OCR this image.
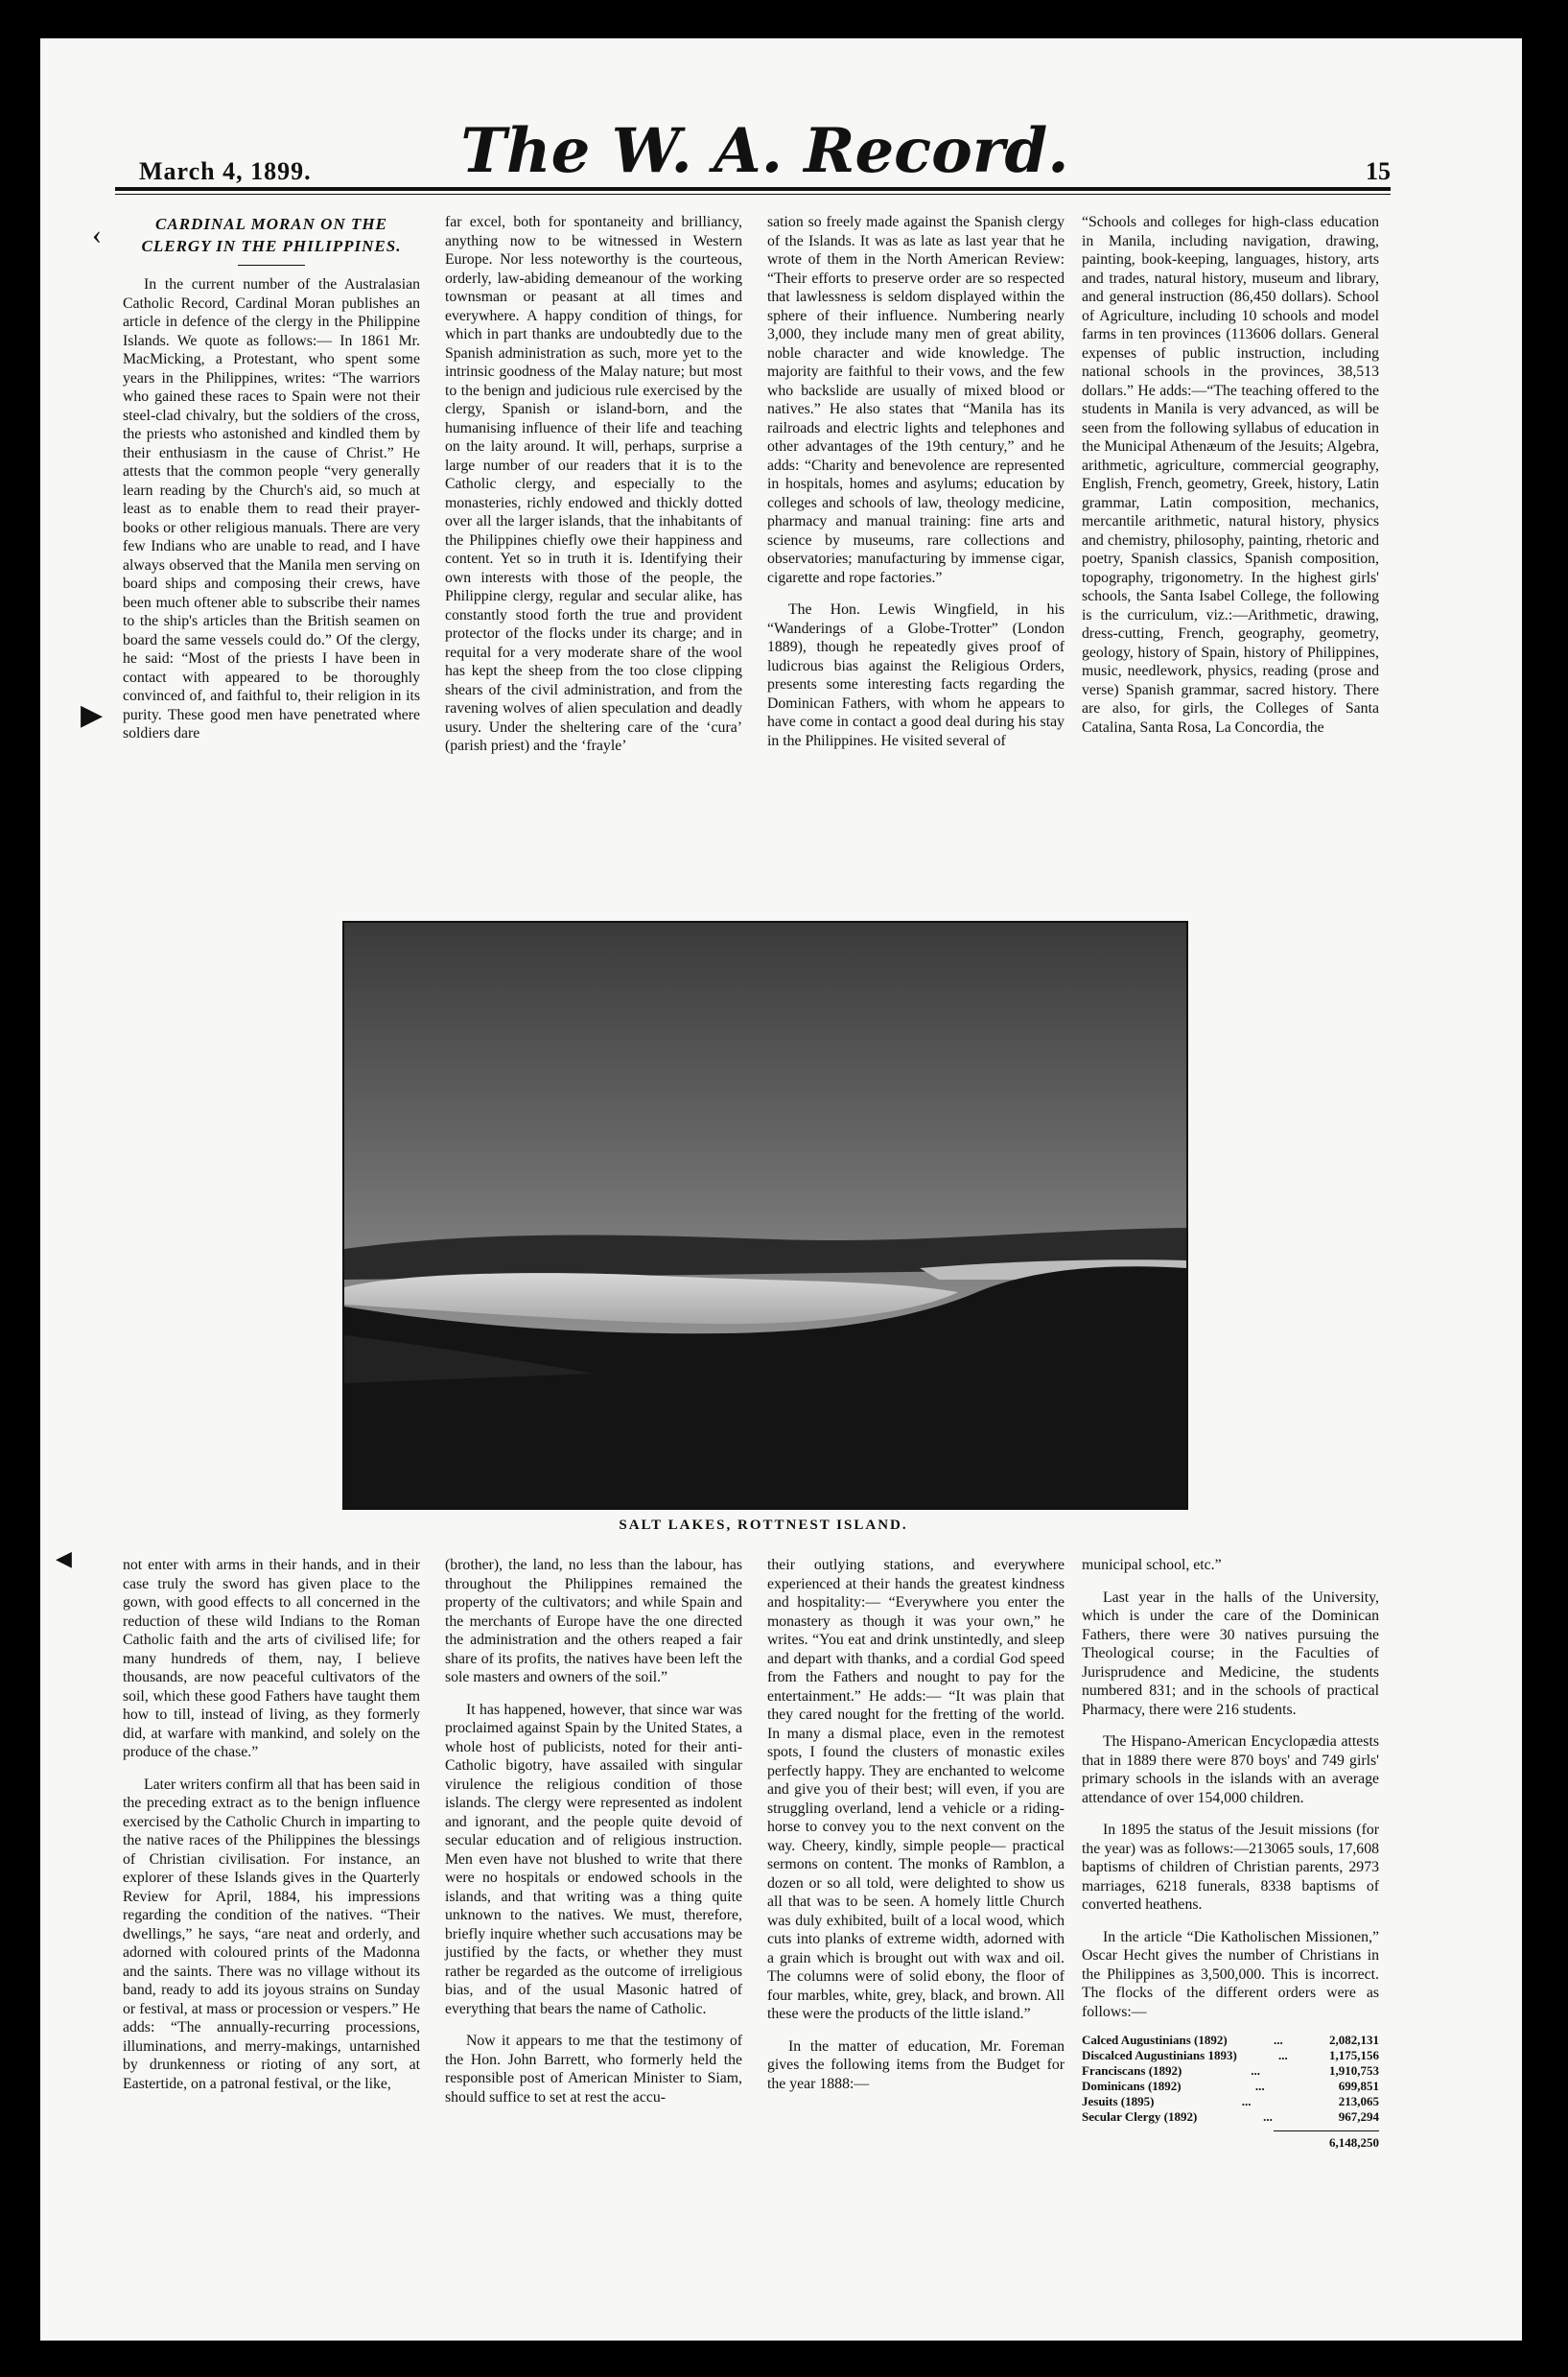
March 4, 1899.	The W. A. Record.	15
CARDINAL MORAN ON THE CLERGY IN THE PHILIPPINES.

In the current number of the Australasian Catholic Record, Cardinal Moran publishes an article in defence of the clergy in the Philippine Islands. We quote as follows:— In 1861 Mr. MacMicking, a Protestant, who spent some years in the Philippines, writes: “The warriors who gained these races to Spain were not their steel-clad chivalry, but the soldiers of the cross, the priests who astonished and kindled them by their enthusiasm in the cause of Christ.” He attests that the common people “very generally learn reading by the Church's aid, so much at least as to enable them to read their prayer-books or other religious manuals. There are very few Indians who are unable to read, and I have always observed that the Manila men serving on board ships and composing their crews, have been much oftener able to subscribe their names to the ship's articles than the British seamen on board the same vessels could do.” Of the clergy, he said: “Most of the priests I have been in contact with appeared to be thoroughly convinced of, and faithful to, their religion in its purity. These good men have penetrated where soldiers dare

far excel, both for spontaneity and brilliancy, anything now to be witnessed in Western Europe. Nor less noteworthy is the courteous, orderly, law-abiding demeanour of the working townsman or peasant at all times and everywhere. A happy condition of things, for which in part thanks are undoubtedly due to the Spanish administration as such, more yet to the intrinsic goodness of the Malay nature; but most to the benign and judicious rule exercised by the clergy, Spanish or island-born, and the humanising influence of their life and teaching on the laity around. It will, perhaps, surprise a large number of our readers that it is to the Catholic clergy, and especially to the monasteries, richly endowed and thickly dotted over all the larger islands, that the inhabitants of the Philippines chiefly owe their happiness and content. Yet so in truth it is. Identifying their own interests with those of the people, the Philippine clergy, regular and secular alike, has constantly stood forth the true and provident protector of the flocks under its charge; and in requital for a very moderate share of the wool has kept the sheep from the too close clipping shears of the civil administration, and from the ravening wolves of alien speculation and deadly usury. Under the sheltering care of the ‘cura’ (parish priest) and the ‘frayle’

sation so freely made against the Spanish clergy of the Islands. It was as late as last year that he wrote of them in the North American Review: “Their efforts to preserve order are so respected that lawlessness is seldom displayed within the sphere of their influence. Numbering nearly 3,000, they include many men of great ability, noble character and wide knowledge. The majority are faithful to their vows, and the few who backslide are usually of mixed blood or natives.” He also states that “Manila has its railroads and electric lights and telephones and other advantages of the 19th century,” and he adds: “Charity and benevolence are represented in hospitals, homes and asylums; education by colleges and schools of law, theology medicine, pharmacy and manual training: fine arts and science by museums, rare collections and observatories; manufacturing by immense cigar, cigarette and rope factories.”

The Hon. Lewis Wingfield, in his “Wanderings of a Globe-Trotter” (London 1889), though he repeatedly gives proof of ludicrous bias against the Religious Orders, presents some interesting facts regarding the Dominican Fathers, with whom he appears to have come in contact a good deal during his stay in the Philippines. He visited several of

“Schools and colleges for high-class education in Manila, including navigation, drawing, painting, book-keeping, languages, history, arts and trades, natural history, museum and library, and general instruction (86,450 dollars). School of Agriculture, including 10 schools and model farms in ten provinces (113606 dollars. General expenses of public instruction, including national schools in the provinces, 38,513 dollars.” He adds:—“The teaching offered to the students in Manila is very advanced, as will be seen from the following syllabus of education in the Municipal Athenæum of the Jesuits; Algebra, arithmetic, agriculture, commercial geography, English, French, geometry, Greek, history, Latin grammar, Latin composition, mechanics, mercantile arithmetic, natural history, physics and chemistry, philosophy, painting, rhetoric and poetry, Spanish classics, Spanish composition, topography, trigonometry. In the highest girls' schools, the Santa Isabel College, the following is the curriculum, viz.:—Arithmetic, drawing, dress-cutting, French, geography, geometry, geology, history of Spain, history of Philippines, music, needlework, physics, reading (prose and verse) Spanish grammar, sacred history. There are also, for girls, the Colleges of Santa Catalina, Santa Rosa, La Concordia, the

SALT LAKES, ROTTNEST ISLAND.

not enter with arms in their hands, and in their case truly the sword has given place to the gown, with good effects to all concerned in the reduction of these wild Indians to the Roman Catholic faith and the arts of civilised life; for many hundreds of them, nay, I believe thousands, are now peaceful cultivators of the soil, which these good Fathers have taught them how to till, instead of living, as they formerly did, at warfare with mankind, and solely on the produce of the chase.”

Later writers confirm all that has been said in the preceding extract as to the benign influence exercised by the Catholic Church in imparting to the native races of the Philippines the blessings of Christian civilisation. For instance, an explorer of these Islands gives in the Quarterly Review for April, 1884, his impressions regarding the condition of the natives. “Their dwellings,” he says, “are neat and orderly, and adorned with coloured prints of the Madonna and the saints. There was no village without its band, ready to add its joyous strains on Sunday or festival, at mass or procession or vespers.” He adds: “The annually-recurring processions, illuminations, and merry-makings, untarnished by drunkenness or rioting of any sort, at Eastertide, on a patronal festival, or the like,

(brother), the land, no less than the labour, has throughout the Philippines remained the property of the cultivators; and while Spain and the merchants of Europe have the one directed the administration and the others reaped a fair share of its profits, the natives have been left the sole masters and owners of the soil.”

It has happened, however, that since war was proclaimed against Spain by the United States, a whole host of publicists, noted for their anti-Catholic bigotry, have assailed with singular virulence the religious condition of those islands. The clergy were represented as indolent and ignorant, and the people quite devoid of secular education and of religious instruction. Men even have not blushed to write that there were no hospitals or endowed schools in the islands, and that writing was a thing quite unknown to the natives. We must, therefore, briefly inquire whether such accusations may be justified by the facts, or whether they must rather be regarded as the outcome of irreligious bias, and of the usual Masonic hatred of everything that bears the name of Catholic.

Now it appears to me that the testimony of the Hon. John Barrett, who formerly held the responsible post of American Minister to Siam, should suffice to set at rest the accu-

their outlying stations, and everywhere experienced at their hands the greatest kindness and hospitality:— “Everywhere you enter the monastery as though it was your own,” he writes. “You eat and drink unstintedly, and sleep and depart with thanks, and a cordial God speed from the Fathers and nought to pay for the entertainment.” He adds:— “It was plain that they cared nought for the fretting of the world. In many a dismal place, even in the remotest spots, I found the clusters of monastic exiles perfectly happy. They are enchanted to welcome and give you of their best; will even, if you are struggling overland, lend a vehicle or a riding-horse to convey you to the next convent on the way. Cheery, kindly, simple people— practical sermons on content. The monks of Ramblon, a dozen or so all told, were delighted to show us all that was to be seen. A homely little Church was duly exhibited, built of a local wood, which cuts into planks of extreme width, adorned with a grain which is brought out with wax and oil. The columns were of solid ebony, the floor of four marbles, white, grey, black, and brown. All these were the products of the little island.”

In the matter of education, Mr. Foreman gives the following items from the Budget for the year 1888:—

municipal school, etc.”

Last year in the halls of the University, which is under the care of the Dominican Fathers, there were 30 natives pursuing the Theological course; in the Faculties of Jurisprudence and Medicine, the students numbered 831; and in the schools of practical Pharmacy, there were 216 students.

The Hispano-American Encyclopædia attests that in 1889 there were 870 boys' and 749 girls' primary schools in the islands with an average attendance of over 154,000 children.

In 1895 the status of the Jesuit missions (for the year) was as follows:—213065 souls, 17,608 baptisms of children of Christian parents, 2973 marriages, 6218 funerals, 8338 baptisms of converted heathens.

In the article “Die Katholischen Missionen,” Oscar Hecht gives the number of Christians in the Philippines as 3,500,000. This is incorrect. The flocks of the different orders were as follows:—

Calced Augustinians (1892)	...	2,082,131
Discalced Augustinians 1893)	...	1,175,156
Franciscans (1892)	...	1,910,753
Dominicans (1892)	...	699,851
Jesuits (1895)	...	213,065
Secular Clergy (1892)	...	967,294
6,148,250
‹
▶
◀
